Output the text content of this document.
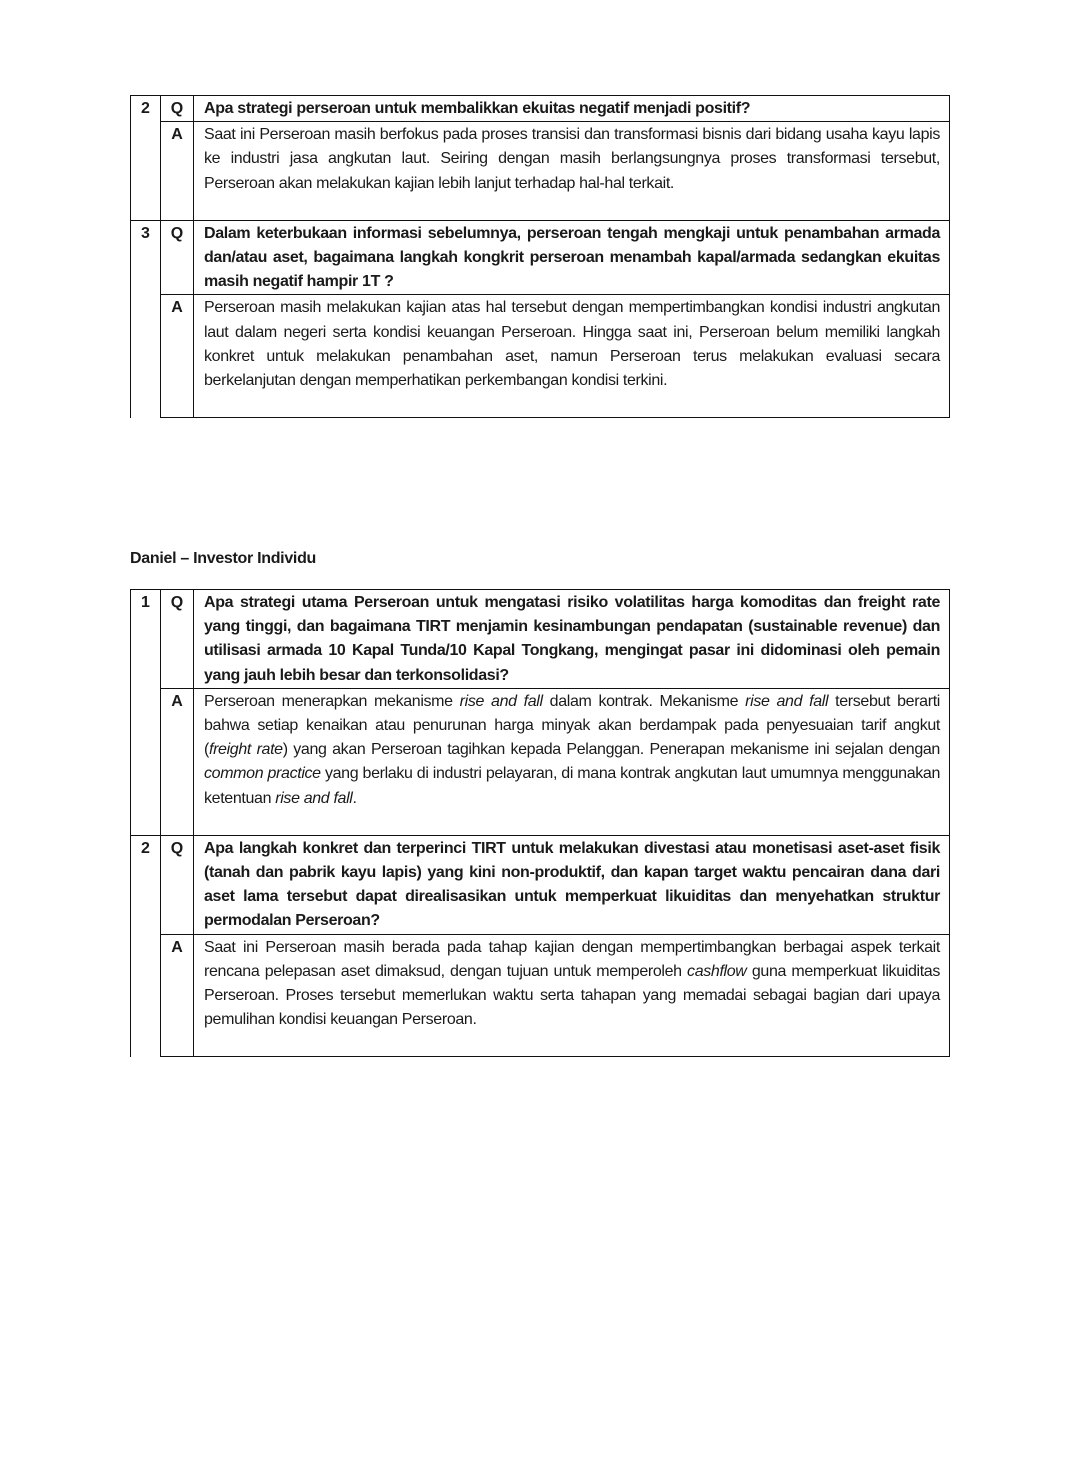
2	Q	Apa strategi perseroan untuk membalikkan ekuitas negatif menjadi positif?
	A	Saat ini Perseroan masih berfokus pada proses transisi dan transformasi bisnis dari bidang usaha kayu lapis ke industri jasa angkutan laut. Seiring dengan masih berlangsungnya proses transformasi tersebut, Perseroan akan melakukan kajian lebih lanjut terhadap hal-hal terkait.
3	Q	Dalam keterbukaan informasi sebelumnya, perseroan tengah mengkaji untuk penambahan armada dan/atau aset, bagaimana langkah kongkrit perseroan menambah kapal/armada sedangkan ekuitas masih negatif hampir 1T ?
	A	Perseroan masih melakukan kajian atas hal tersebut dengan mempertimbangkan kondisi industri angkutan laut dalam negeri serta kondisi keuangan Perseroan. Hingga saat ini, Perseroan belum memiliki langkah konkret untuk melakukan penambahan aset, namun Perseroan terus melakukan evaluasi secara berkelanjutan dengan memperhatikan perkembangan kondisi terkini.
Daniel – Investor Individu
1	Q	Apa strategi utama Perseroan untuk mengatasi risiko volatilitas harga komoditas dan freight rate yang tinggi, dan bagaimana TIRT menjamin kesinambungan pendapatan (sustainable revenue) dan utilisasi armada 10 Kapal Tunda/10 Kapal Tongkang, mengingat pasar ini didominasi oleh pemain yang jauh lebih besar dan terkonsolidasi?
	A	Perseroan menerapkan mekanisme rise and fall dalam kontrak. Mekanisme rise and fall tersebut berarti bahwa setiap kenaikan atau penurunan harga minyak akan berdampak pada penyesuaian tarif angkut (freight rate) yang akan Perseroan tagihkan kepada Pelanggan. Penerapan mekanisme ini sejalan dengan common practice yang berlaku di industri pelayaran, di mana kontrak angkutan laut umumnya menggunakan ketentuan rise and fall.
2	Q	Apa langkah konkret dan terperinci TIRT untuk melakukan divestasi atau monetisasi aset-aset fisik (tanah dan pabrik kayu lapis) yang kini non-produktif, dan kapan target waktu pencairan dana dari aset lama tersebut dapat direalisasikan untuk memperkuat likuiditas dan menyehatkan struktur permodalan Perseroan?
	A	Saat ini Perseroan masih berada pada tahap kajian dengan mempertimbangkan berbagai aspek terkait rencana pelepasan aset dimaksud, dengan tujuan untuk memperoleh cashflow guna memperkuat likuiditas Perseroan. Proses tersebut memerlukan waktu serta tahapan yang memadai sebagai bagian dari upaya pemulihan kondisi keuangan Perseroan.
